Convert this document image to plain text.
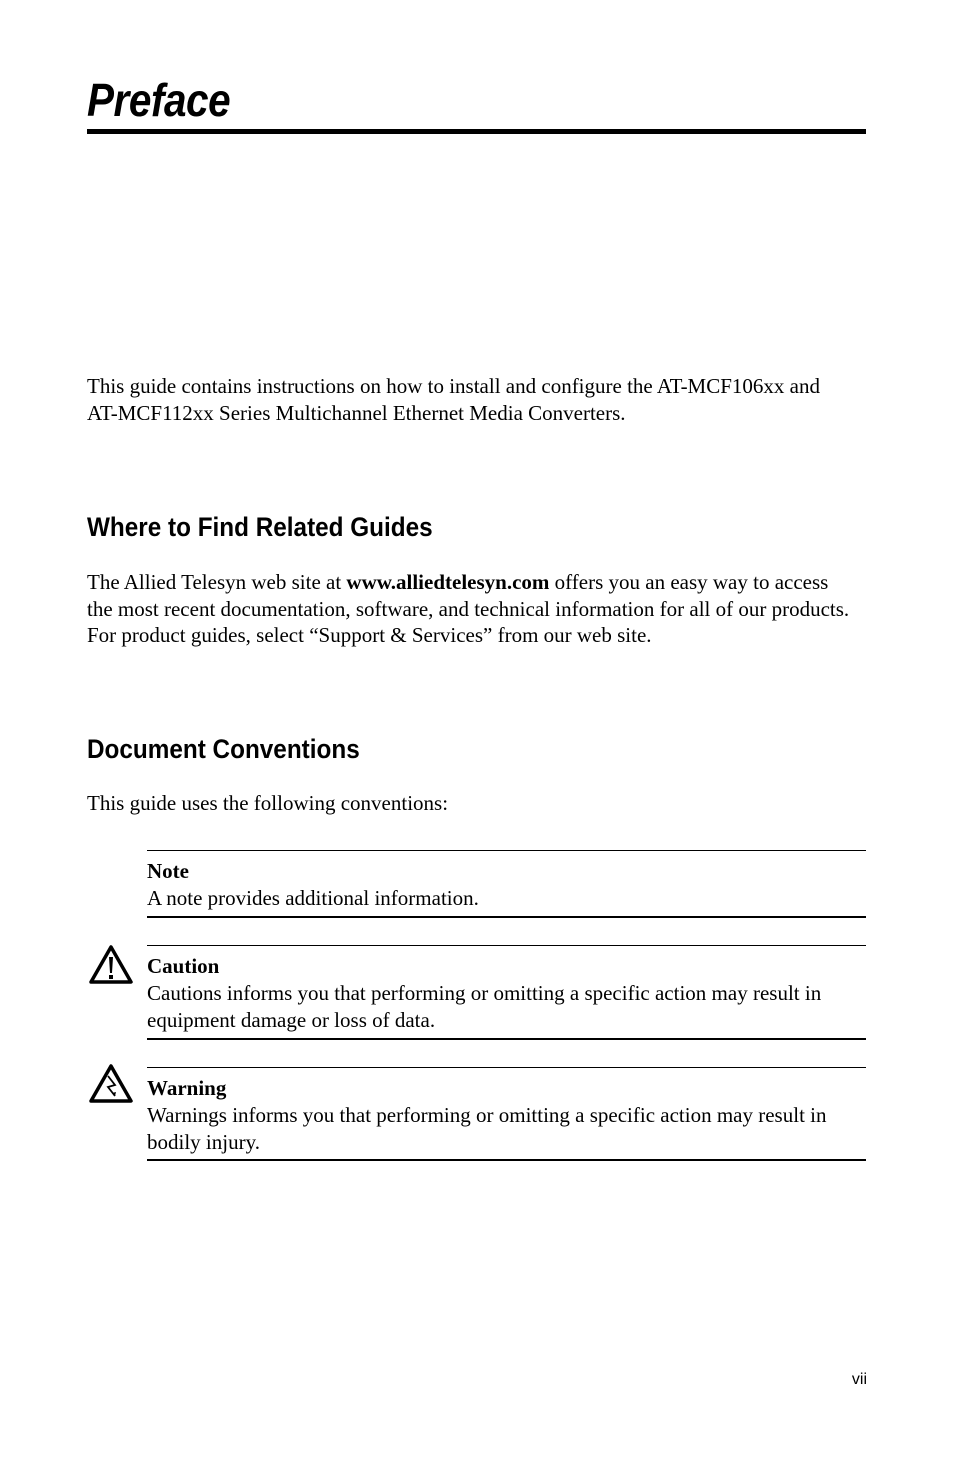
Preface

This guide contains instructions on how to install and configure the AT-MCF106xx and AT-MCF112xx Series Multichannel Ethernet Media Converters.

Where to Find Related Guides

The Allied Telesyn web site at www.alliedtelesyn.com offers you an easy way to access the most recent documentation, software, and technical information for all of our products. For product guides, select “Support & Services” from our web site.

Document Conventions

This guide uses the following conventions:

Note
A note provides additional information.
Caution
Cautions informs you that performing or omitting a specific action may result in equipment damage or loss of data.
Warning
Warnings informs you that performing or omitting a specific action may result in bodily injury.
vii
